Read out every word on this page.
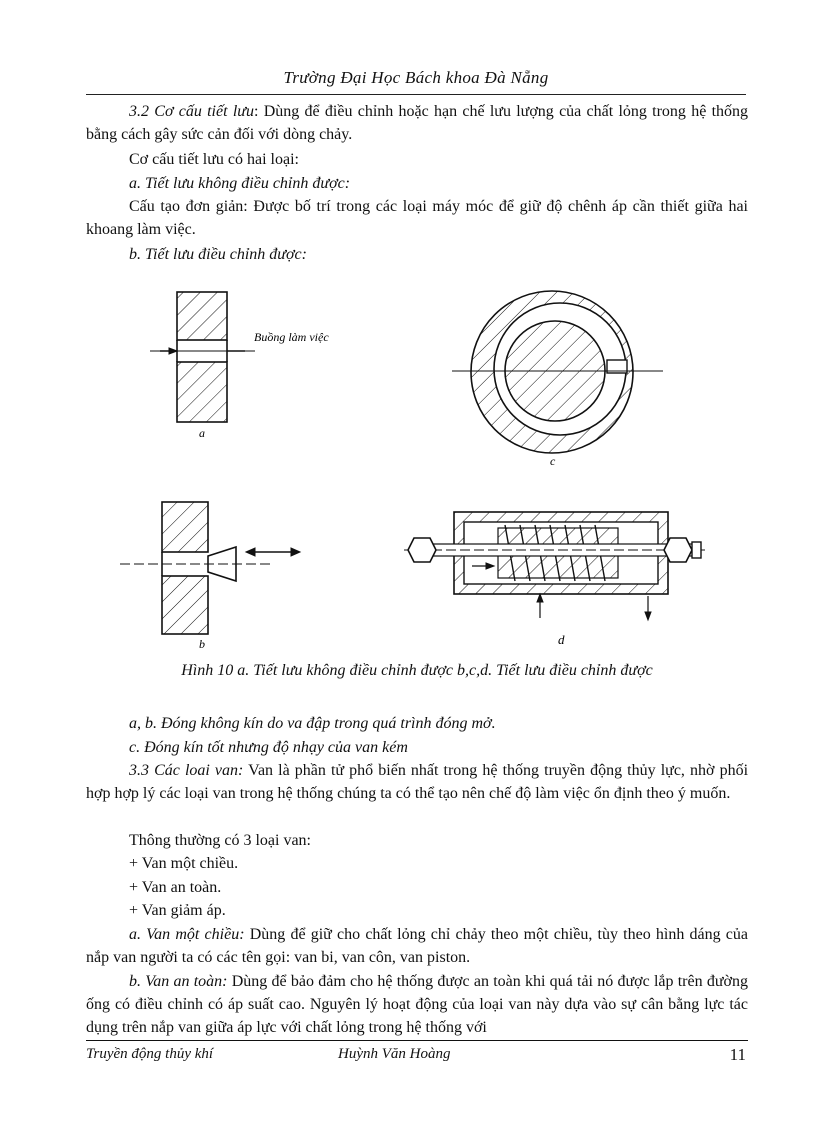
Trường Đại Học Bách khoa Đà Nẵng

3.2 Cơ cấu tiết lưu: Dùng để điều chỉnh hoặc hạn chế lưu lượng của chất lỏng trong hệ thống bằng cách gây sức cản đối với dòng chảy.

Cơ cấu tiết lưu có hai loại:
a. Tiết lưu không điều chỉnh được:

Cấu tạo đơn giản: Được bố trí trong các loại máy móc để giữ độ chênh áp cần thiết giữa hai khoang làm việc.

b. Tiết lưu điều chỉnh được:
Buồng làm việc
a
c
b	d
Hình 10 a. Tiết lưu không điều chỉnh được b,c,d. Tiết lưu điều chỉnh được
a, b. Đóng không kín do va đập trong quá trình đóng mở.
c. Đóng kín tốt nhưng độ nhạy của van kém

3.3 Các loai van: Van là phần tử phổ biến nhất trong hệ thống truyền động thủy lực, nhờ phối hợp hợp lý các loại van trong hệ thống chúng ta có thể tạo nên chế độ làm việc ổn định theo ý muốn.

Thông thường có 3 loại van:
+ Van một chiều.
+ Van an toàn.
+ Van giảm áp.

a. Van một chiều: Dùng để giữ cho chất lỏng chỉ chảy theo một chiều, tùy theo hình dáng của nắp van người ta có các tên gọi: van bi, van côn, van piston.

b. Van an toàn: Dùng để bảo đảm cho hệ thống được an toàn khi quá tải nó được lắp trên đường ống có điều chỉnh có áp suất cao. Nguyên lý hoạt động của loại van này dựa vào sự cân bằng lực tác dụng trên nắp van giữa áp lực với chất lỏng trong hệ thống với

Truyền động thủy khí	Huỳnh Văn Hoàng	11
